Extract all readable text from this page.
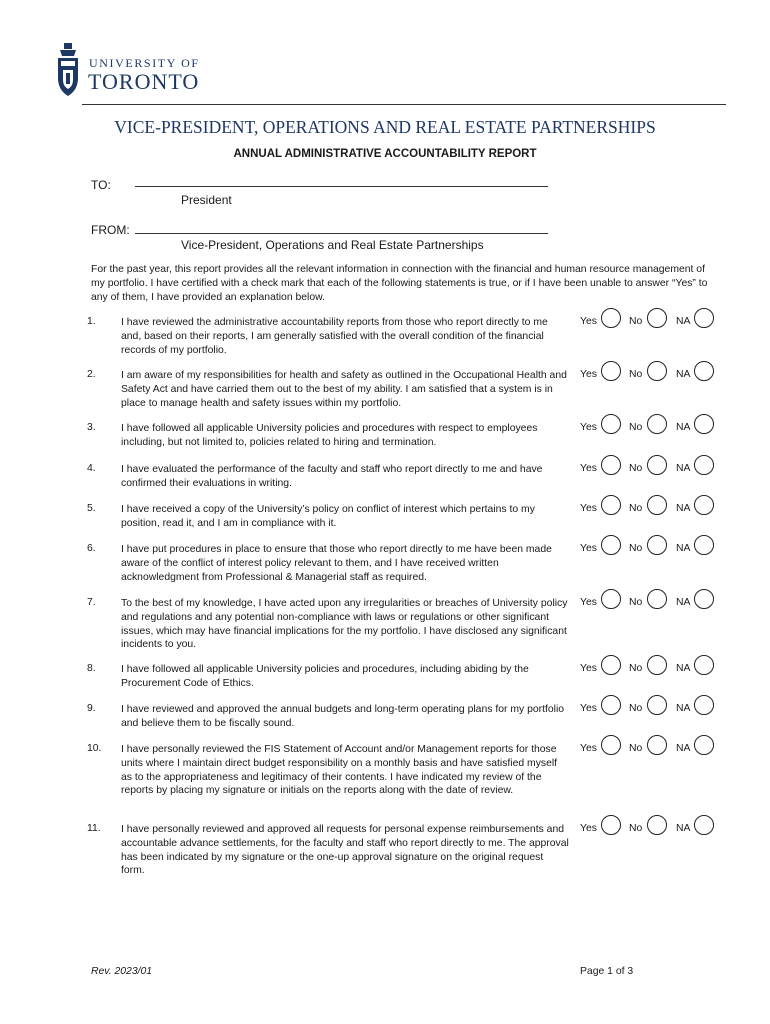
UNIVERSITY OF
TORONTO
VICE-PRESIDENT, OPERATIONS AND REAL ESTATE PARTNERSHIPS
ANNUAL ADMINISTRATIVE ACCOUNTABILITY REPORT
TO:
President
FROM:
Vice-President, Operations and Real Estate Partnerships
For the past year, this report provides all the relevant information in connection with the financial and human resource management of my portfolio. I have certified with a check mark that each of the following statements is true, or if I have been unable to answer “Yes” to any of them, I have provided an explanation below.
1. I have reviewed the administrative accountability reports from those who report directly to me and, based on their reports, I am generally satisfied with the overall condition of the financial records of my portfolio.
Yes	No	NA
2. I am aware of my responsibilities for health and safety as outlined in the Occupational Health and Safety Act and have carried them out to the best of my ability. I am satisfied that a system is in place to manage health and safety issues within my portfolio.
Yes	No	NA
3. I have followed all applicable University policies and procedures with respect to employees including, but not limited to, policies related to hiring and termination.
Yes	No	NA
4. I have evaluated the performance of the faculty and staff who report directly to me and have confirmed their evaluations in writing.
Yes	No	NA
5. I have received a copy of the University’s policy on conflict of interest which pertains to my position, read it, and I am in compliance with it.
Yes	No	NA
6. I have put procedures in place to ensure that those who report directly to me have been made aware of the conflict of interest policy relevant to them, and I have received written acknowledgment from Professional & Managerial staff as required.
Yes	No	NA
7. To the best of my knowledge, I have acted upon any irregularities or breaches of University policy and regulations and any potential non-compliance with laws or regulations or other significant issues, which may have financial implications for the my portfolio. I have disclosed any significant incidents to you.
Yes	No	NA
8. I have followed all applicable University policies and procedures, including abiding by the Procurement Code of Ethics.
Yes	No	NA
9. I have reviewed and approved the annual budgets and long-term operating plans for my portfolio and believe them to be fiscally sound.
Yes	No	NA
10. I have personally reviewed the FIS Statement of Account and/or Management reports for those units where I maintain direct budget responsibility on a monthly basis and have satisfied myself as to the appropriateness and legitimacy of their contents. I have indicated my review of the reports by placing my signature or initials on the reports along with the date of review.
Yes	No	NA
11. I have personally reviewed and approved all requests for personal expense reimbursements and accountable advance settlements, for the faculty and staff who report directly to me. The approval has been indicated by my signature or the one-up approval signature on the original request form.
Yes	No	NA
Rev. 2023/01	Page 1 of 3
